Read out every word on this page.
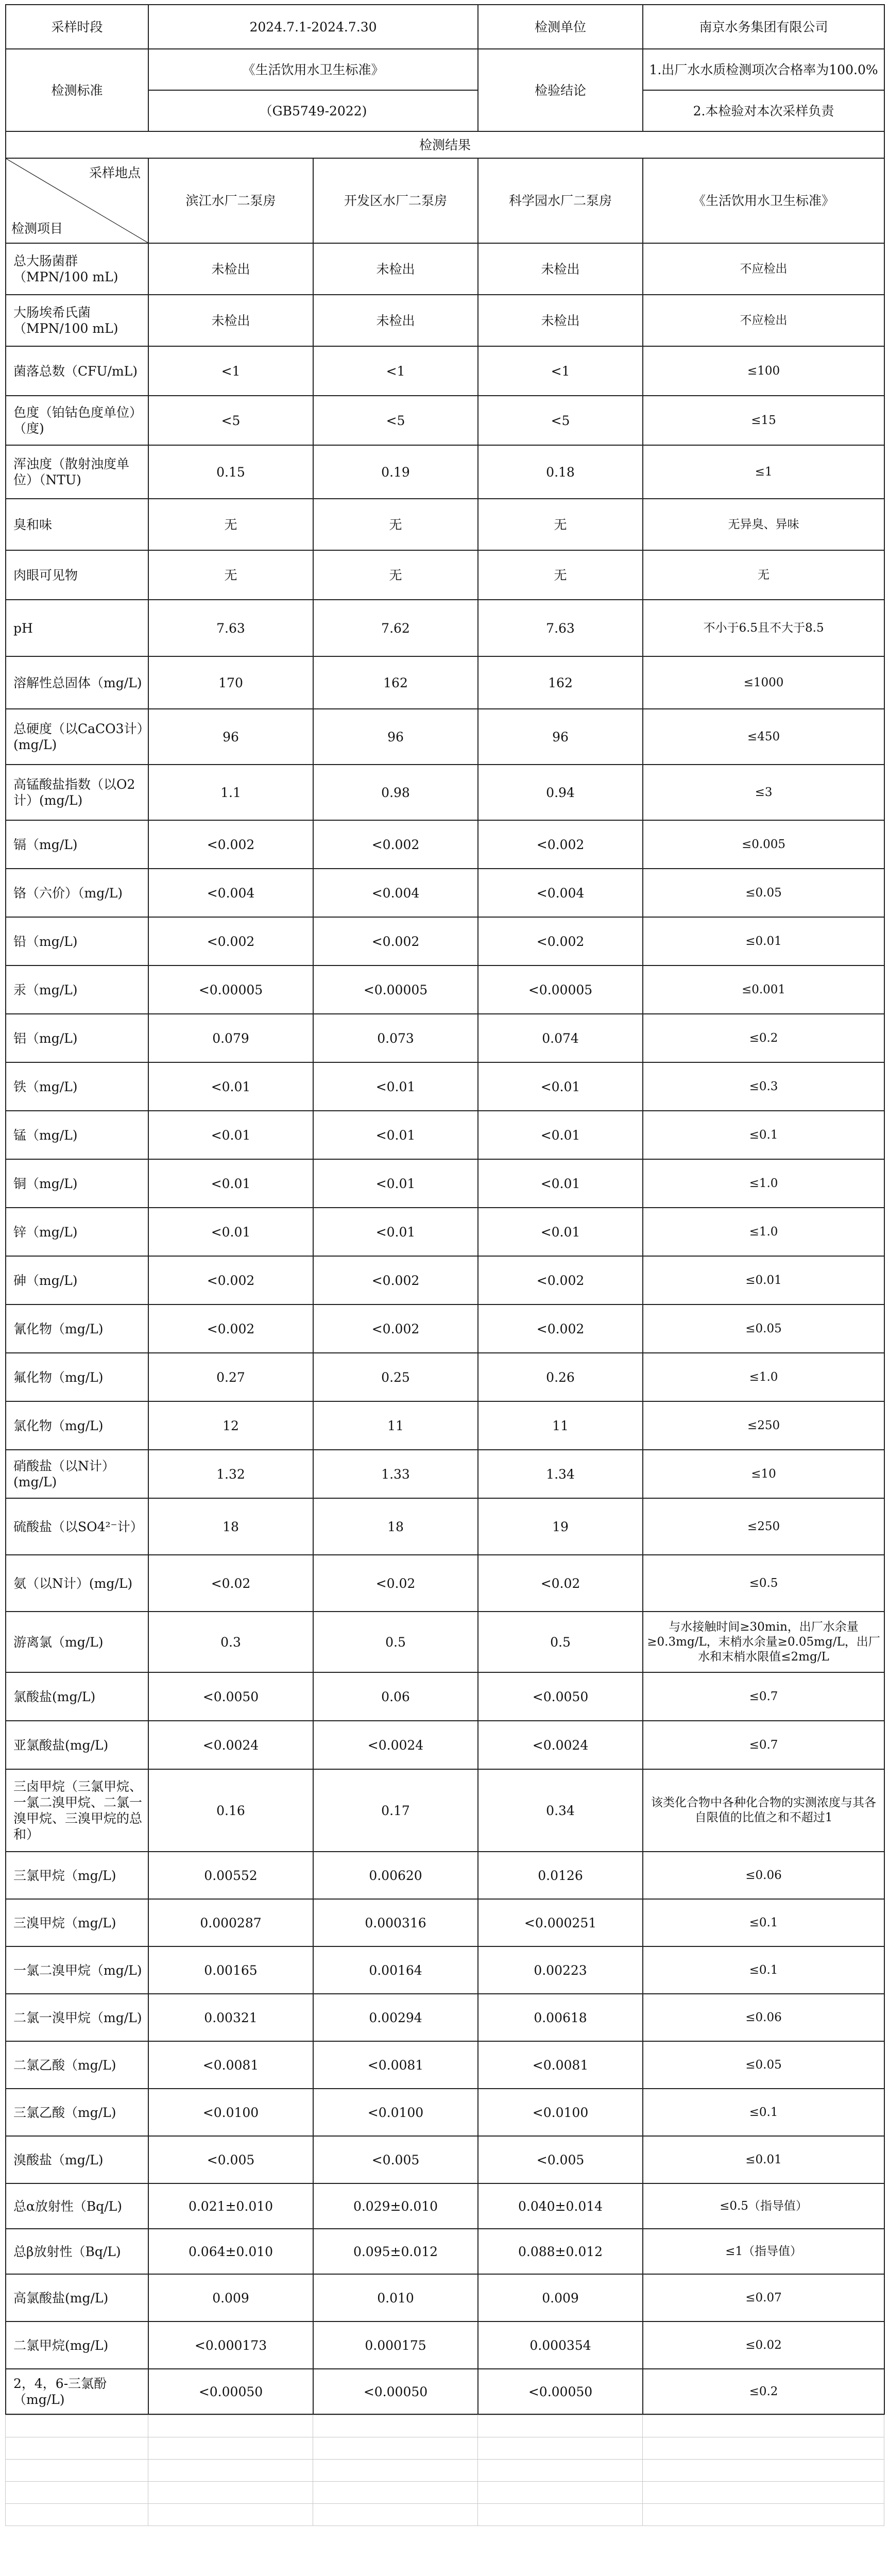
采样时段	2024.7.1-2024.7.30		检测单位	南京水务集团有限公司
检测标准	《生活饮用水卫生标准》		检验结论	1.出厂水水质检测项次合格率为100.0%
	（GB5749-2022)			2.本检验对本次采样负责
检测结果				

采样地点
检测项目	滨江水厂二泵房	开发区水厂二泵房	科学园水厂二泵房	《生活饮用水卫生标准》
总大肠菌群（MPN/100 mL)	未检出	未检出	未检出	不应检出
大肠埃希氏菌（MPN/100 mL)	未检出	未检出	未检出	不应检出
菌落总数（CFU/mL)	<1	<1	<1	≤100
色度（铂钴色度单位）（度)	<5	<5	<5	≤15
浑浊度（散射浊度单位）（NTU)	0.15	0.19	0.18	≤1
臭和味	无	无	无	无异臭、异味
肉眼可见物	无	无	无	无
pH	7.63	7.62	7.63	不小于6.5且不大于8.5
溶解性总固体（mg/L)	170	162	162	≤1000
总硬度（以CaCO3计）(mg/L)	96	96	96	≤450
高锰酸盐指数（以O2计）(mg/L)	1.1	0.98	0.94	≤3
镉（mg/L)	<0.002	<0.002	<0.002	≤0.005
铬（六价）（mg/L)	<0.004	<0.004	<0.004	≤0.05
铅（mg/L)	<0.002	<0.002	<0.002	≤0.01
汞（mg/L)	<0.00005	<0.00005	<0.00005	≤0.001
铝（mg/L)	0.079	0.073	0.074	≤0.2
铁（mg/L)	<0.01	<0.01	<0.01	≤0.3
锰（mg/L)	<0.01	<0.01	<0.01	≤0.1
铜（mg/L)	<0.01	<0.01	<0.01	≤1.0
锌（mg/L)	<0.01	<0.01	<0.01	≤1.0
砷（mg/L)	<0.002	<0.002	<0.002	≤0.01
氰化物（mg/L)	<0.002	<0.002	<0.002	≤0.05
氟化物（mg/L)	0.27	0.25	0.26	≤1.0
氯化物（mg/L)	12	11	11	≤250
硝酸盐（以N计）(mg/L)	1.32	1.33	1.34	≤10
硫酸盐（以SO4²⁻计）	18	18	19	≤250
氨（以N计）(mg/L)	<0.02	<0.02	<0.02	≤0.5
游离氯（mg/L)	0.3	0.5	0.5	与水接触时间≥30min，出厂水余量≥0.3mg/L，末梢水余量≥0.05mg/L，出厂水和末梢水限值≤2mg/L
氯酸盐(mg/L)	<0.0050	0.06	<0.0050	≤0.7
亚氯酸盐(mg/L)	<0.0024	<0.0024	<0.0024	≤0.7
三卤甲烷（三氯甲烷、一氯二溴甲烷、二氯一溴甲烷、三溴甲烷的总和）	0.16	0.17	0.34	该类化合物中各种化合物的实测浓度与其各自限值的比值之和不超过1
三氯甲烷（mg/L)	0.00552	0.00620	0.0126	≤0.06
三溴甲烷（mg/L)	0.000287	0.000316	<0.000251	≤0.1
一氯二溴甲烷（mg/L)	0.00165	0.00164	0.00223	≤0.1
二氯一溴甲烷（mg/L)	0.00321	0.00294	0.00618	≤0.06
二氯乙酸（mg/L)	<0.0081	<0.0081	<0.0081	≤0.05
三氯乙酸（mg/L)	<0.0100	<0.0100	<0.0100	≤0.1
溴酸盐（mg/L)	<0.005	<0.005	<0.005	≤0.01
总α放射性（Bq/L)	0.021±0.010	0.029±0.010	0.040±0.014	≤0.5（指导值）
总β放射性（Bq/L)	0.064±0.010	0.095±0.012	0.088±0.012	≤1（指导值）
高氯酸盐(mg/L)	0.009	0.010	0.009	≤0.07
二氯甲烷(mg/L)	<0.000173	0.000175	0.000354	≤0.02
2，4，6-三氯酚（mg/L)	<0.00050	<0.00050	<0.00050	≤0.2
